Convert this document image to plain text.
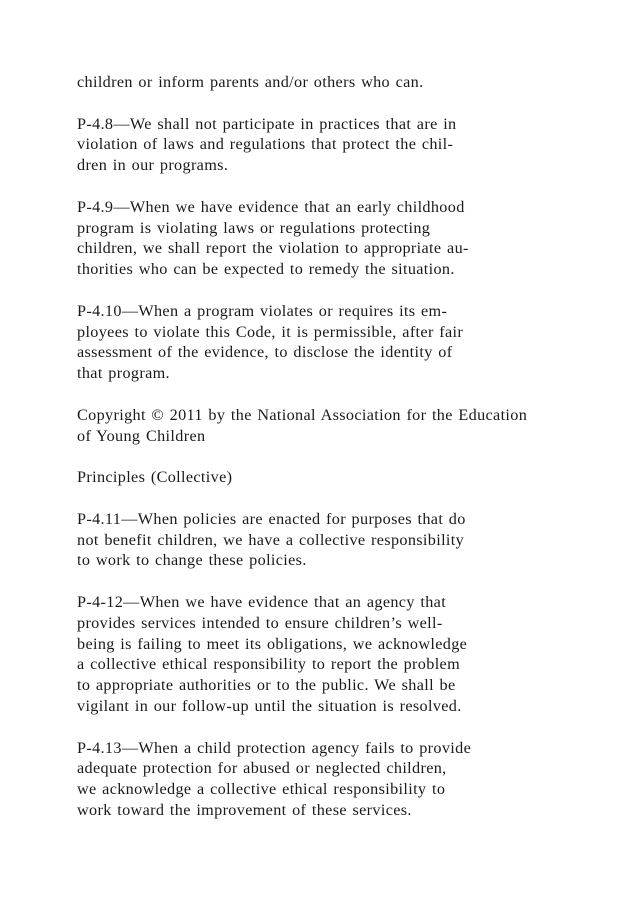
children or inform parents and/or others who can.

P-4.8—We shall not participate in practices that are in
violation of laws and regulations that protect the chil-
dren in our programs.

P-4.9—When we have evidence that an early childhood
program is violating laws or regulations protecting
children, we shall report the violation to appropriate au-
thorities who can be expected to remedy the situation.

P-4.10—When a program violates or requires its em-
ployees to violate this Code, it is permissible, after fair
assessment of the evidence, to disclose the identity of
that program.

Copyright © 2011 by the National Association for the Education
of Young Children

Principles (Collective)

P-4.11—When policies are enacted for purposes that do
not benefit children, we have a collective responsibility
to work to change these policies.

P-4-12—When we have evidence that an agency that
provides services intended to ensure children’s well-
being is failing to meet its obligations, we acknowledge
a collective ethical responsibility to report the problem
to appropriate authorities or to the public. We shall be
vigilant in our follow-up until the situation is resolved.

P-4.13—When a child protection agency fails to provide
adequate protection for abused or neglected children,
we acknowledge a collective ethical responsibility to
work toward the improvement of these services.
